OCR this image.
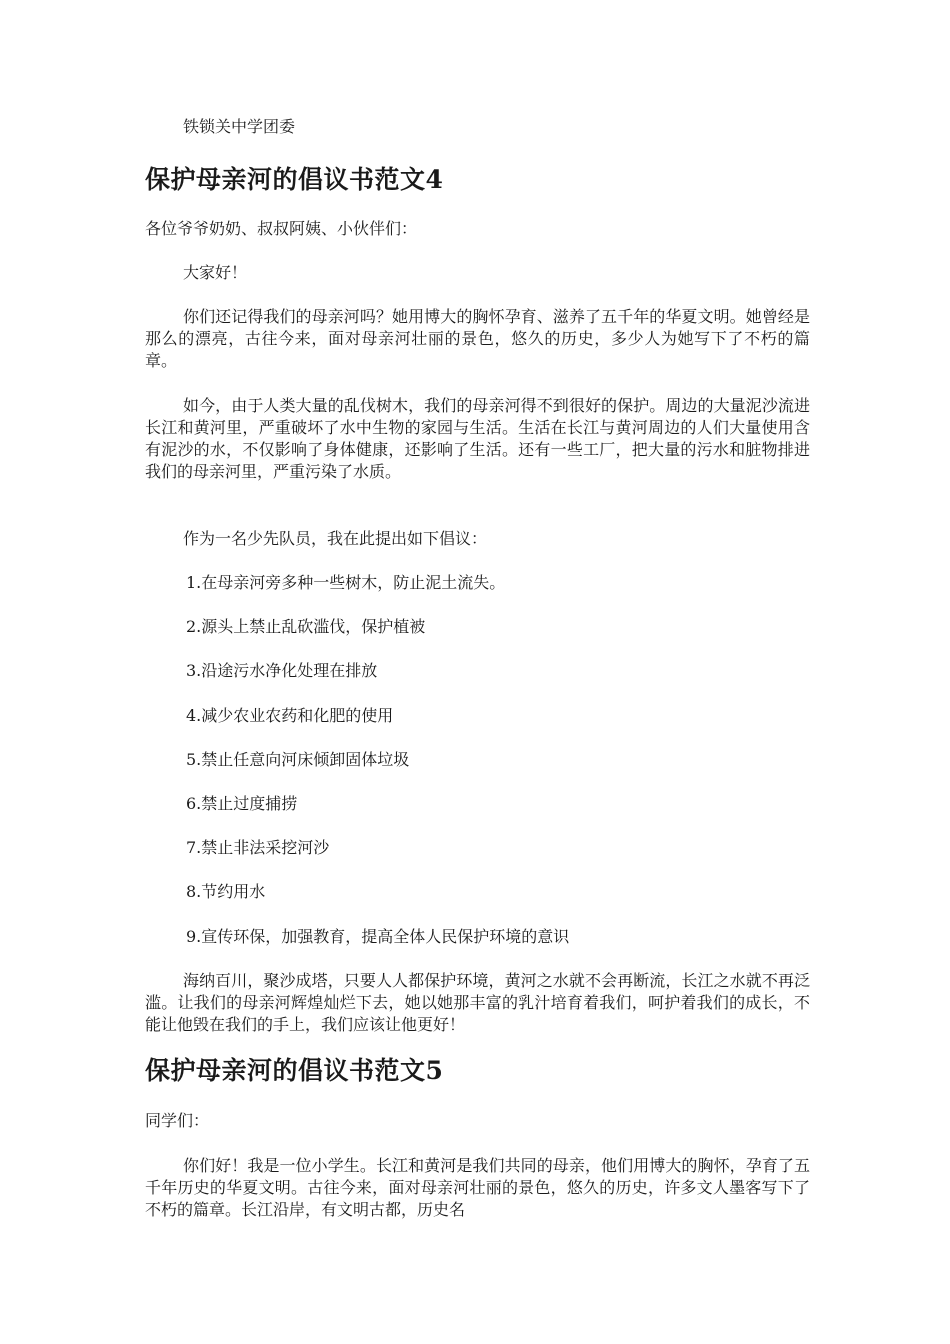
铁锁关中学团委

保护母亲河的倡议书范文4

各位爷爷奶奶、叔叔阿姨、小伙伴们：

大家好！

你们还记得我们的母亲河吗？她用博大的胸怀孕育、滋养了五千年的华夏文明。她曾经是那么的漂亮，古往今来，面对母亲河壮丽的景色，悠久的历史，多少人为她写下了不朽的篇章。

如今，由于人类大量的乱伐树木，我们的母亲河得不到很好的保护。周边的大量泥沙流进长江和黄河里，严重破坏了水中生物的家园与生活。生活在长江与黄河周边的人们大量使用含有泥沙的水，不仅影响了身体健康，还影响了生活。还有一些工厂，把大量的污水和脏物排进我们的母亲河里，严重污染了水质。

作为一名少先队员，我在此提出如下倡议：

1.在母亲河旁多种一些树木，防止泥土流失。

2.源头上禁止乱砍滥伐，保护植被

3.沿途污水净化处理在排放

4.减少农业农药和化肥的使用

5.禁止任意向河床倾卸固体垃圾

6.禁止过度捕捞

7.禁止非法采挖河沙

8.节约用水

9.宣传环保，加强教育，提高全体人民保护环境的意识

海纳百川，聚沙成塔，只要人人都保护环境，黄河之水就不会再断流，长江之水就不再泛滥。让我们的母亲河辉煌灿烂下去，她以她那丰富的乳汁培育着我们，呵护着我们的成长，不能让他毁在我们的手上，我们应该让他更好！

保护母亲河的倡议书范文5

同学们：

你们好！我是一位小学生。长江和黄河是我们共同的母亲，他们用博大的胸怀，孕育了五千年历史的华夏文明。古往今来，面对母亲河壮丽的景色，悠久的历史，许多文人墨客写下了不朽的篇章。长江沿岸，有文明古都，历史名
